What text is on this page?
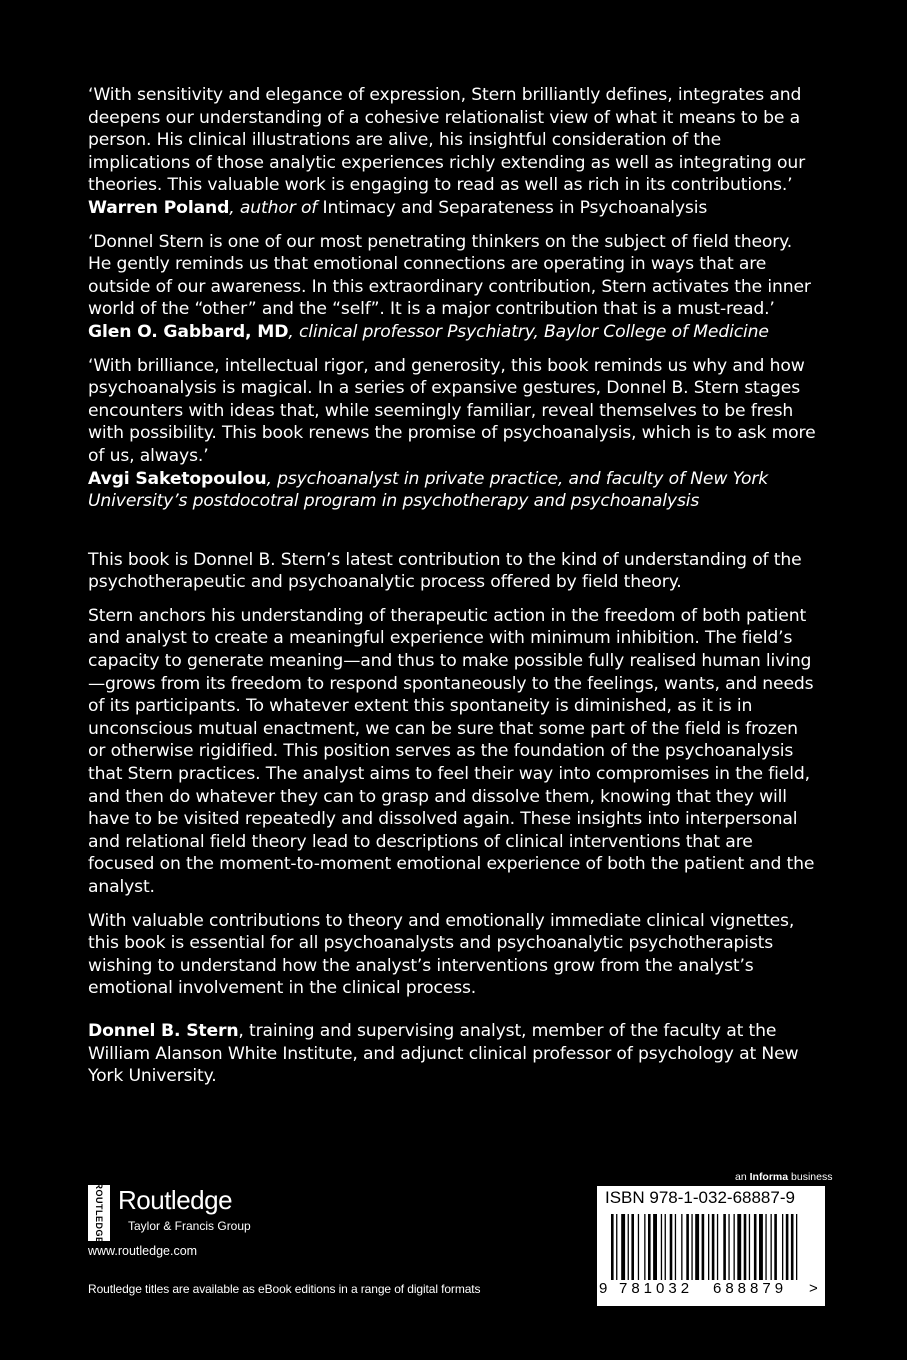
‘With sensitivity and elegance of expression, Stern brilliantly defines, integrates and deepens our understanding of a cohesive relationalist view of what it means to be a person. His clinical illustrations are alive, his insightful consideration of the implications of those analytic experiences richly extending as well as integrating our theories. This valuable work is engaging to read as well as rich in its contributions.’

Warren Poland, author of Intimacy and Separateness in Psychoanalysis

‘Donnel Stern is one of our most penetrating thinkers on the subject of field theory. He gently reminds us that emotional connections are operating in ways that are outside of our awareness. In this extraordinary contribution, Stern activates the inner world of the “other” and the “self”. It is a major contribution that is a must-read.’

Glen O. Gabbard, MD, clinical professor Psychiatry, Baylor College of Medicine

‘With brilliance, intellectual rigor, and generosity, this book reminds us why and how psychoanalysis is magical. In a series of expansive gestures, Donnel B. Stern stages encounters with ideas that, while seemingly familiar, reveal themselves to be fresh with possibility. This book renews the promise of psychoanalysis, which is to ask more of us, always.’

Avgi Saketopoulou, psychoanalyst in private practice, and faculty of New York University’s postdocotral program in psychotherapy and psychoanalysis

This book is Donnel B. Stern’s latest contribution to the kind of understanding of the psychotherapeutic and psychoanalytic process offered by field theory.

Stern anchors his understanding of therapeutic action in the freedom of both patient and analyst to create a meaningful experience with minimum inhibition. The field’s capacity to generate meaning—and thus to make possible fully realised human living—grows from its freedom to respond spontaneously to the feelings, wants, and needs of its participants. To whatever extent this spontaneity is diminished, as it is in unconscious mutual enactment, we can be sure that some part of the field is frozen or otherwise rigidified. This position serves as the foundation of the psychoanalysis that Stern practices. The analyst aims to feel their way into compromises in the field, and then do whatever they can to grasp and dissolve them, knowing that they will have to be visited repeatedly and dissolved again. These insights into interpersonal and relational field theory lead to descriptions of clinical interventions that are focused on the moment-to-moment emotional experience of both the patient and the analyst.

With valuable contributions to theory and emotionally immediate clinical vignettes, this book is essential for all psychoanalysts and psychoanalytic psychotherapists wishing to understand how the analyst’s interventions grow from the analyst’s emotional involvement in the clinical process.

Donnel B. Stern, training and supervising analyst, member of the faculty at the William Alanson White Institute, and adjunct clinical professor of psychology at New York University.

ROUTLEDGE Routledge
Taylor & Francis Group
www.routledge.com
Routledge titles are available as eBook editions in a range of digital formats
an Informa business
ISBN 978-1-032-68887-9
9 781032 688879 >
